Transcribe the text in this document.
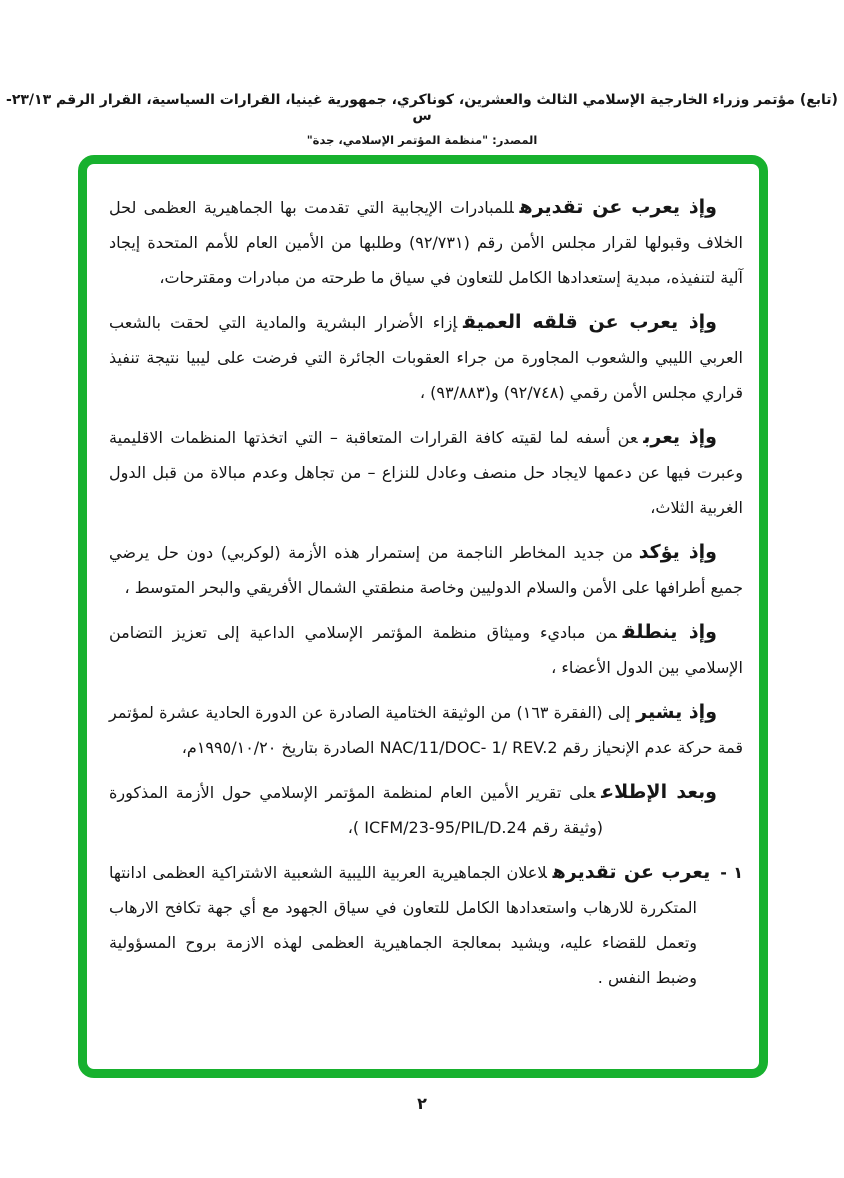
(تابع) مؤتمر وزراء الخارجية الإسلامي الثالث والعشرين، كوناكري، جمهورية غينيا، القرارات السياسية، القرار الرقم ٢٣/١٣-س
المصدر: "منظمة المؤتمر الإسلامي، جدة"

وإذ يعرب عن تقديرهللمبادرات الإيجابية التي تقدمت بها الجماهيرية العظمى لحل الخلاف وقبولها لقرار مجلس الأمن رقم (٩٢/٧٣١) وطلبها من الأمين العام للأمم المتحدة إيجاد آلية لتنفيذه، مبدية إستعدادها الكامل للتعاون في سياق ما طرحته من مبادرات ومقترحات،

وإذ يعرب عن قلقه العميقإزاء الأضرار البشرية والمادية التي لحقت بالشعب العربي الليبي والشعوب المجاورة من جراء العقوبات الجائرة التي فرضت على ليبيا نتيجة تنفيذ قراري مجلس الأمن رقمي (٩٢/٧٤٨) و(٩٣/٨٨٣) ،

وإذ يعربعن أسفه لما لقيته كافة القرارات المتعاقبة – التي اتخذتها المنظمات الاقليمية وعبرت فيها عن دعمها لايجاد حل منصف وعادل للنزاع – من تجاهل وعدم مبالاة من قبل الدول الغربية الثلاث،

وإذ يؤكدمن جديد المخاطر الناجمة من إستمرار هذه الأزمة (لوكربي) دون حل يرضي جميع أطرافها على الأمن والسلام الدوليين وخاصة منطقتي الشمال الأفريقي والبحر المتوسط ،

وإذ ينطلقمن مباديء وميثاق منظمة المؤتمر الإسلامي الداعية إلى تعزيز التضامن الإسلامي بين الدول الأعضاء ،

وإذ يشيرإلى (الفقرة ١٦٣) من الوثيقة الختامية الصادرة عن الدورة الحادية عشرة لمؤتمر قمة حركة عدم الإنحياز رقم NAC/11/DOC- 1/ REV.2 الصادرة بتاريخ ١٩٩٥/١٠/٢٠م،

وبعد الإطلاععلى تقرير الأمين العام لمنظمة المؤتمر الإسلامي حول الأزمة المذكورة

(وثيقة رقم ICFM/23-95/PIL/D.24 )،

١ -يعرب عن تقديرهلاعلان الجماهيرية العربية الليبية الشعبية الاشتراكية العظمى ادانتها المتكررة للارهاب واستعدادها الكامل للتعاون في سياق الجهود مع أي جهة تكافح الارهاب وتعمل للقضاء عليه، ويشيد بمعالجة الجماهيرية العظمى لهذه الازمة بروح المسؤولية وضبط النفس .
٢
